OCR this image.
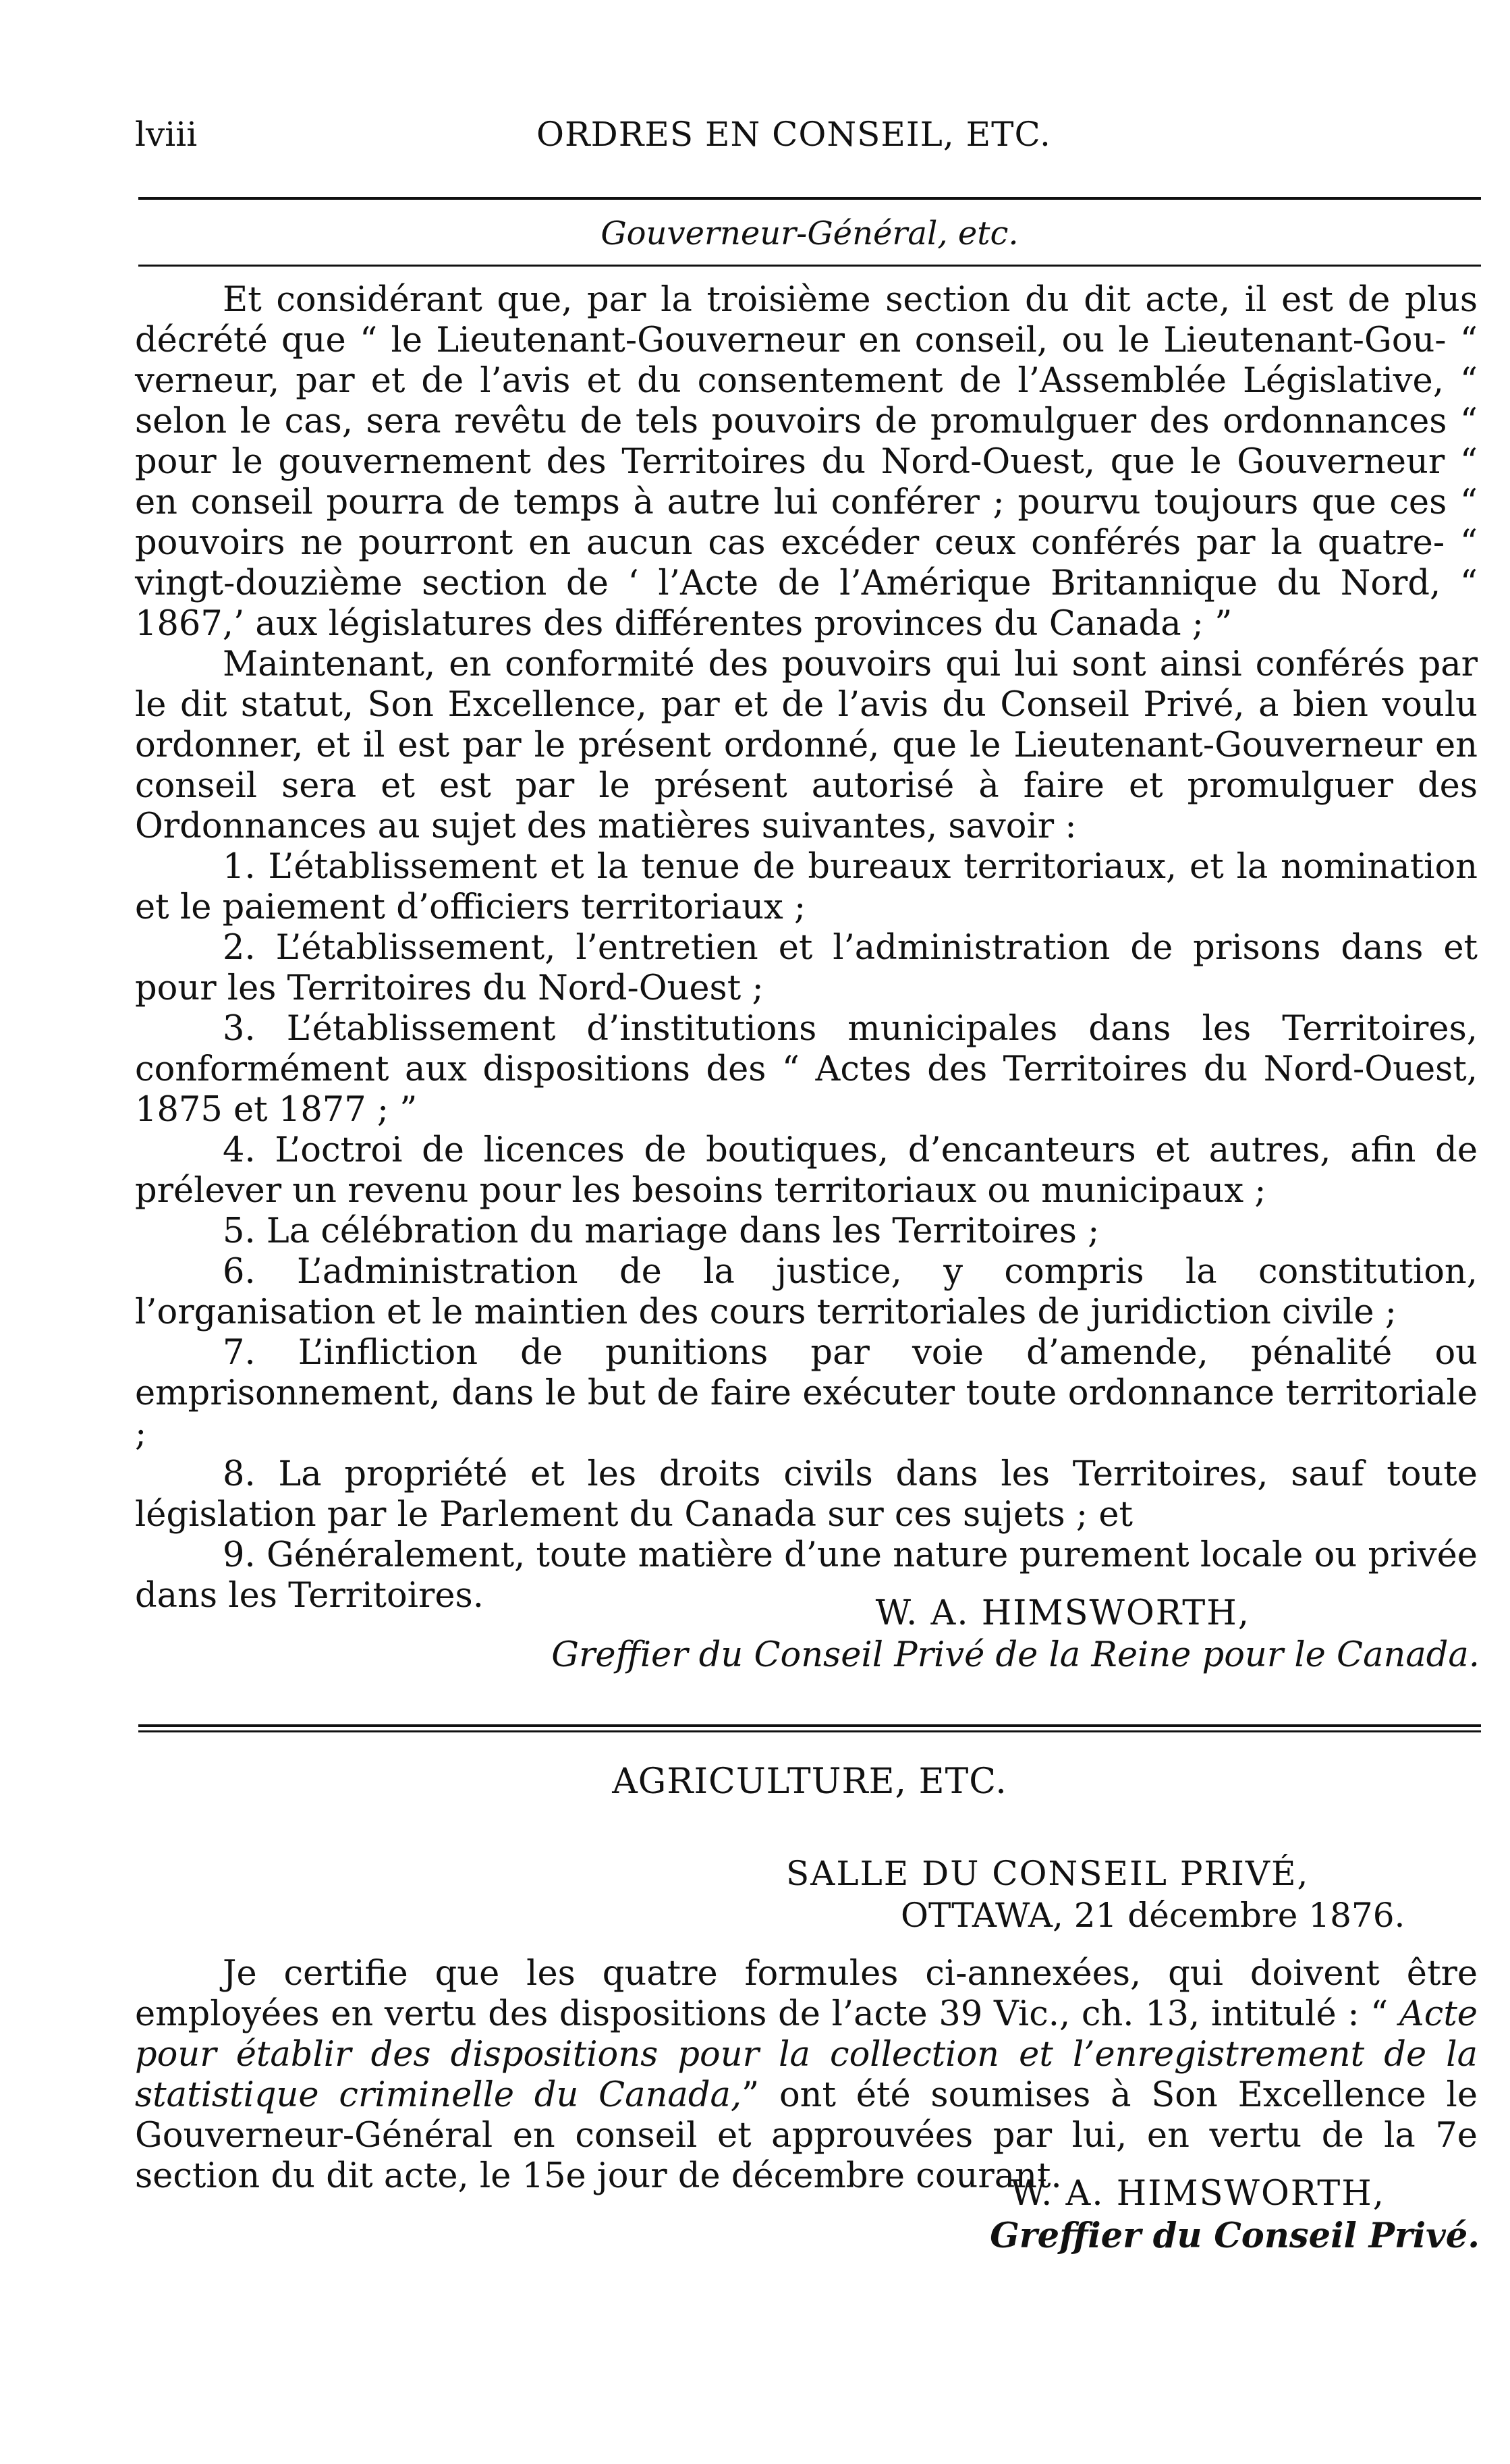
lviii	ORDRES EN CONSEIL, ETC.
Gouverneur-Général, etc.

Et considérant que, par la troisième section du dit acte, il est de plus décrété que “ le Lieutenant-Gouverneur en conseil, ou le Lieutenant-Gou- “ verneur, par et de l’avis et du consentement de l’Assemblée Législative, “ selon le cas, sera revêtu de tels pouvoirs de promulguer des ordonnances “ pour le gouvernement des Territoires du Nord-Ouest, que le Gouverneur “ en conseil pourra de temps à autre lui conférer ; pourvu toujours que ces “ pouvoirs ne pourront en aucun cas excéder ceux conférés par la quatre- “ vingt-douzième section de ‘ l’Acte de l’Amérique Britannique du Nord, “ 1867,’ aux législatures des différentes provinces du Canada ; ”

Maintenant, en conformité des pouvoirs qui lui sont ainsi conférés par le dit statut, Son Excellence, par et de l’avis du Conseil Privé, a bien voulu ordonner, et il est par le présent ordonné, que le Lieutenant-Gouverneur en conseil sera et est par le présent autorisé à faire et promulguer des Ordonnances au sujet des matières suivantes, savoir :

1. L’établissement et la tenue de bureaux territoriaux, et la nomination et le paiement d’officiers territoriaux ;

2. L’établissement, l’entretien et l’administration de prisons dans et pour les Territoires du Nord-Ouest ;

3. L’établissement d’institutions municipales dans les Territoires, conformément aux dispositions des “ Actes des Territoires du Nord-Ouest, 1875 et 1877 ; ”

4. L’octroi de licences de boutiques, d’encanteurs et autres, afin de prélever un revenu pour les besoins territoriaux ou municipaux ;

5. La célébration du mariage dans les Territoires ;

6. L’administration de la justice, y compris la constitution, l’organisation et le maintien des cours territoriales de juridiction civile ;

7. L’infliction de punitions par voie d’amende, pénalité ou emprisonnement, dans le but de faire exécuter toute ordonnance territoriale ;

8. La propriété et les droits civils dans les Territoires, sauf toute législation par le Parlement du Canada sur ces sujets ; et

9. Généralement, toute matière d’une nature purement locale ou privée dans les Territoires.	W. A. HIMSWORTH,
Greffier du Conseil Privé de la Reine pour le Canada.
AGRICULTURE, ETC.
SALLE DU CONSEIL PRIVÉ,
OTTAWA, 21 décembre 1876.

Je certifie que les quatre formules ci-annexées, qui doivent être employées en vertu des dispositions de l’acte 39 Vic., ch. 13, intitulé : “ Acte pour établir des dispositions pour la collection et l’enregistrement de la statistique criminelle du Canada,” ont été soumises à Son Excellence le Gouverneur-Général en conseil et approuvées par lui, en vertu de la 7e section du dit acte, le 15e jour de décembre courant.

W. A. HIMSWORTH,
Greffier du Conseil Privé.
